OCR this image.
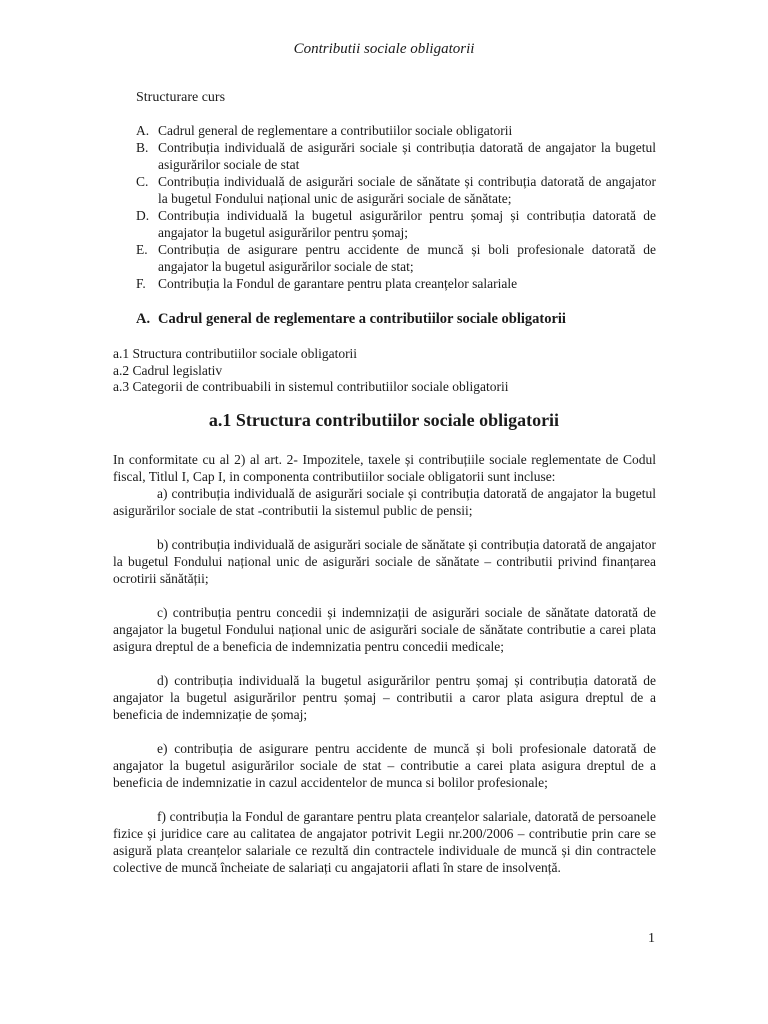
Contributii sociale obligatorii
Structurare curs
A. Cadrul general de reglementare a contributiilor sociale obligatorii
B. Contribuția individuală de asigurări sociale și contribuția datorată de angajator la bugetul asigurărilor sociale de stat
C. Contribuția individuală de asigurări sociale de sănătate și contribuția datorată de angajator la bugetul Fondului național unic de asigurări sociale de sănătate;
D. Contribuția individuală la bugetul asigurărilor pentru șomaj și contribuția datorată de angajator la bugetul asigurărilor pentru șomaj;
E. Contribuția de asigurare pentru accidente de muncă și boli profesionale datorată de angajator la bugetul asigurărilor sociale de stat;
F. Contribuția la Fondul de garantare pentru plata creanțelor salariale
A. Cadrul general de reglementare a contributiilor sociale obligatorii
a.1 Structura contributiilor sociale obligatorii
a.2 Cadrul legislativ
a.3 Categorii de contribuabili in sistemul contributiilor sociale obligatorii
a.1 Structura contributiilor sociale obligatorii

In conformitate cu al 2) al art. 2- Impozitele, taxele și contribuțiile sociale reglementate de Codul fiscal, Titlul I, Cap I, in componenta contributiilor sociale obligatorii sunt incluse:

a) contribuția individuală de asigurări sociale și contribuția datorată de angajator la bugetul asigurărilor sociale de stat -contributii la sistemul public de pensii;

b) contribuția individuală de asigurări sociale de sănătate și contribuția datorată de angajator la bugetul Fondului național unic de asigurări sociale de sănătate – contributii privind finanțarea ocrotirii sănătății;

c) contribuția pentru concedii și indemnizații de asigurări sociale de sănătate datorată de angajator la bugetul Fondului național unic de asigurări sociale de sănătate contributie a carei plata asigura dreptul de a beneficia de indemnizatia pentru concedii medicale;

d) contribuția individuală la bugetul asigurărilor pentru șomaj și contribuția datorată de angajator la bugetul asigurărilor pentru șomaj – contributii a caror plata asigura dreptul de a beneficia de indemnizație de șomaj;

e) contribuția de asigurare pentru accidente de muncă și boli profesionale datorată de angajator la bugetul asigurărilor sociale de stat – contributie a carei plata asigura dreptul de a beneficia de indemnizatie in cazul accidentelor de munca si bolilor profesionale;

f) contribuția la Fondul de garantare pentru plata creanțelor salariale, datorată de persoanele fizice și juridice care au calitatea de angajator potrivit Legii nr.200/2006 – contributie prin care se asigură plata creanțelor salariale ce rezultă din contractele individuale de muncă și din contractele colective de muncă încheiate de salariați cu angajatorii aflati în stare de insolvență.

1
